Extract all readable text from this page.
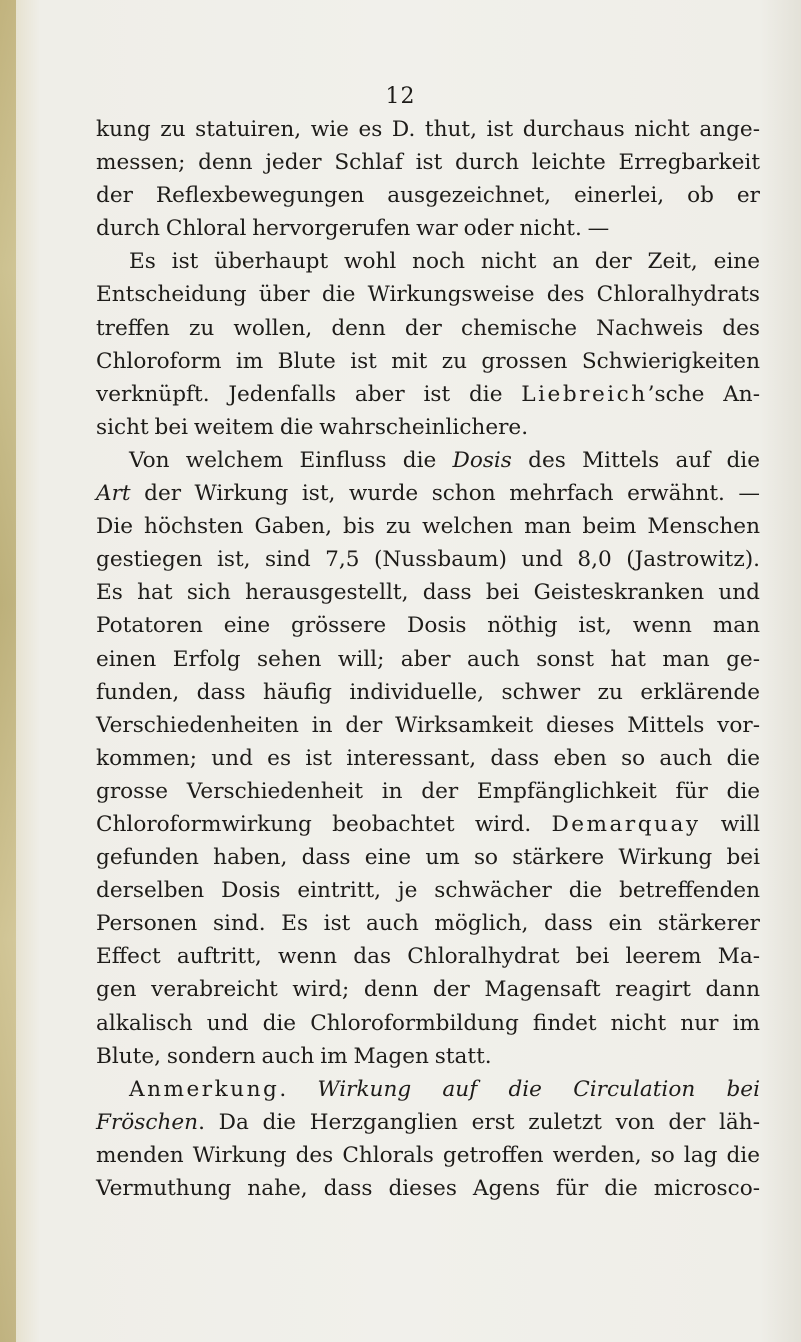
12
kung zu statuiren, wie es D. thut, ist durchaus nicht ange-
messen; denn jeder Schlaf ist durch leichte Erregbarkeit
der Reflexbewegungen ausgezeichnet, einerlei, ob er
durch Chloral hervorgerufen war oder nicht. —
Es ist überhaupt wohl noch nicht an der Zeit, eine
Entscheidung über die Wirkungsweise des Chloralhydrats
treffen zu wollen, denn der chemische Nachweis des
Chloroform im Blute ist mit zu grossen Schwierigkeiten
verknüpft. Jedenfalls aber ist die Liebreich’sche An-
sicht bei weitem die wahrscheinlichere.
Von welchem Einfluss die Dosis des Mittels auf die
Art der Wirkung ist, wurde schon mehrfach erwähnt. —
Die höchsten Gaben, bis zu welchen man beim Menschen
gestiegen ist, sind 7,5 (Nussbaum) und 8,0 (Jastrowitz).
Es hat sich herausgestellt, dass bei Geisteskranken und
Potatoren eine grössere Dosis nöthig ist, wenn man
einen Erfolg sehen will; aber auch sonst hat man ge-
funden, dass häufig individuelle, schwer zu erklärende
Verschiedenheiten in der Wirksamkeit dieses Mittels vor-
kommen; und es ist interessant, dass eben so auch die
grosse Verschiedenheit in der Empfänglichkeit für die
Chloroformwirkung beobachtet wird. Demarquay will
gefunden haben, dass eine um so stärkere Wirkung bei
derselben Dosis eintritt, je schwächer die betreffenden
Personen sind. Es ist auch möglich, dass ein stärkerer
Effect auftritt, wenn das Chloralhydrat bei leerem Ma-
gen verabreicht wird; denn der Magensaft reagirt dann
alkalisch und die Chloroformbildung findet nicht nur im
Blute, sondern auch im Magen statt.
Anmerkung. Wirkung auf die Circulation bei
Fröschen. Da die Herzganglien erst zuletzt von der läh-
menden Wirkung des Chlorals getroffen werden, so lag die
Vermuthung nahe, dass dieses Agens für die microsco-
